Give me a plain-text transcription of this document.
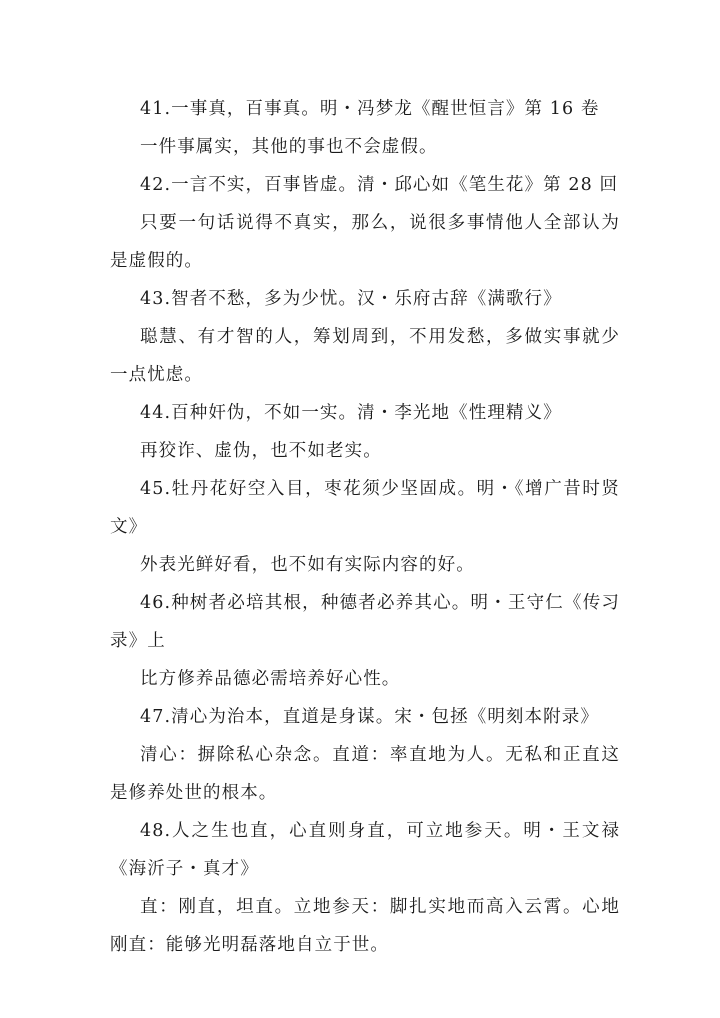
41.一事真，百事真。明・冯梦龙《醒世恒言》第 16 卷

一件事属实，其他的事也不会虚假。

42.一言不实，百事皆虚。清・邱心如《笔生花》第 28 回

只要一句话说得不真实，那么，说很多事情他人全部认为是虚假的。

43.智者不愁，多为少忧。汉・乐府古辞《满歌行》

聪慧、有才智的人，筹划周到，不用发愁，多做实事就少一点忧虑。

44.百种奸伪，不如一实。清・李光地《性理精义》

再狡诈、虚伪，也不如老实。

45.牡丹花好空入目，枣花须少坚固成。明・《增广昔时贤文》

外表光鲜好看，也不如有实际内容的好。

46.种树者必培其根，种德者必养其心。明・王守仁《传习录》上

比方修养品德必需培养好心性。

47.清心为治本，直道是身谋。宋・包拯《明刻本附录》

清心：摒除私心杂念。直道：率直地为人。无私和正直这是修养处世的根本。

48.人之生也直，心直则身直，可立地参天。明・王文禄《海沂子・真才》

直：刚直，坦直。立地参天：脚扎实地而高入云霄。心地刚直：能够光明磊落地自立于世。
